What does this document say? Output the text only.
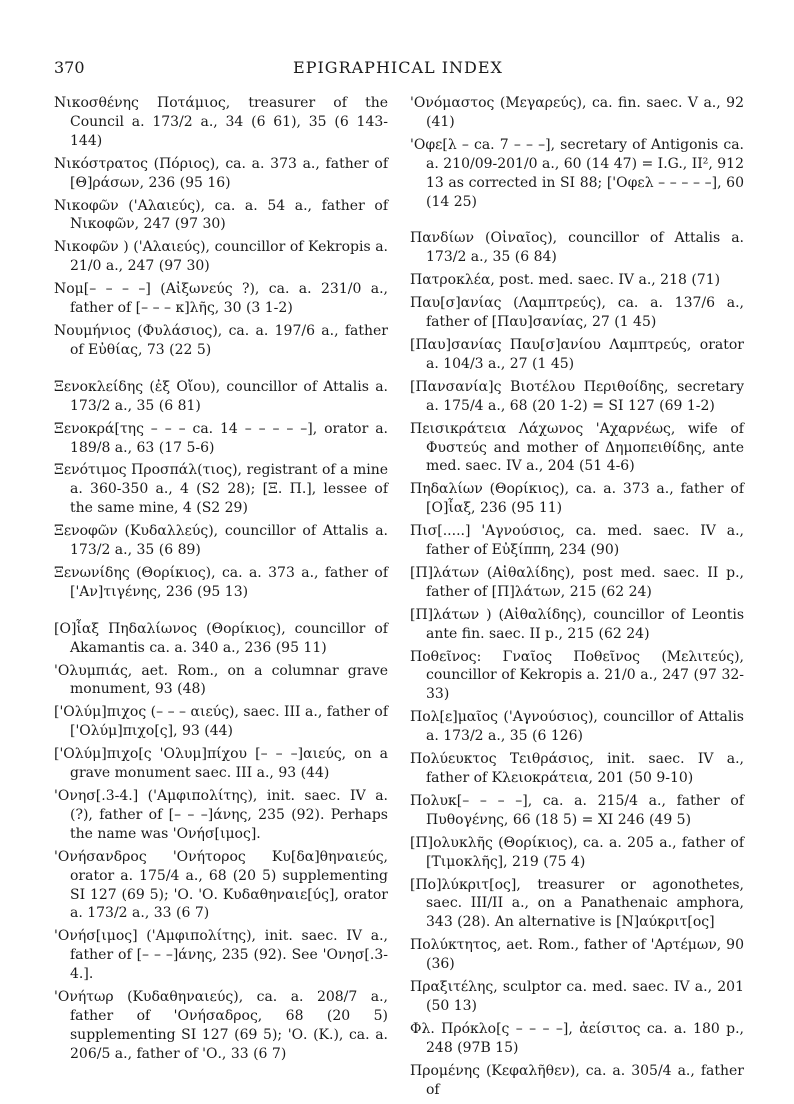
370	EPIGRAPHICAL INDEX

Νικοσθένης Ποτάμιος, treasurer of the Council a. 173/2 a., 34 (6 61), 35 (6 143-144)

Νικόστρατος (Πόριος), ca. a. 373 a., father of [Θ]ράσων, 236 (95 16)

Νικοφῶν ('Αλαιεύς), ca. a. 54 a., father of Νικοφῶν, 247 (97 30)

Νικοφῶν ) ('Αλαιεύς), councillor of Kekropis a. 21/0 a., 247 (97 30)

Νομ[– – – –] (Αἰξωνεύς ?), ca. a. 231/0 a., father of [– – – κ]λῆς, 30 (3 1-2)

Νουμήνιος (Φυλάσιος), ca. a. 197/6 a., father of Εὐθίας, 73 (22 5)

Ξενοκλείδης (ἐξ Οἴου), councillor of Attalis a. 173/2 a., 35 (6 81)

Ξενοκρά[της – – – ca. 14 – – – – –], orator a. 189/8 a., 63 (17 5-6)

Ξενότιμος Προσπάλ(τιος), registrant of a mine a. 360-350 a., 4 (S2 28); [Ξ. Π.], lessee of the same mine, 4 (S2 29)

Ξενοφῶν (Κυδαλλεύς), councillor of Attalis a. 173/2 a., 35 (6 89)

Ξενωνίδης (Θορίκιος), ca. a. 373 a., father of ['Αν]τιγένης, 236 (95 13)

[Ο]ἶαξ Πηδαλίωνος (Θορίκιος), councillor of Akamantis ca. a. 340 a., 236 (95 11)

'Ολυμπιάς, aet. Rom., on a columnar grave monument, 93 (48)

['Ολύμ]πιχος (– – – αιεύς), saec. III a., father of ['Ολύμ]πιχο[ς], 93 (44)

['Ολύμ]πιχο[ς 'Ολυμ]πίχου [– – –]αιεύς, on a grave monument saec. III a., 93 (44)

'Ονησ[.3-4.] ('Αμφιπολίτης), init. saec. IV a. (?), father of [– – –]άνης, 235 (92). Perhaps the name was 'Ονήσ[ιμος].

'Ονήσανδρος 'Ονήτορος Κυ[δα]θηναιεύς, orator a. 175/4 a., 68 (20 5) supplementing SI 127 (69 5); 'Ο. 'Ο. Κυδαθηναιε[ύς], orator a. 173/2 a., 33 (6 7)

'Ονήσ[ιμος] ('Αμφιπολίτης), init. saec. IV a., father of [– – –]άνης, 235 (92). See 'Ονησ[.3-4.].

'Ονήτωρ (Κυδαθηναιεύς), ca. a. 208/7 a., father of 'Ονήσαδρος, 68 (20 5) supplementing SI 127 (69 5); 'Ο. (Κ.), ca. a. 206/5 a., father of 'Ο., 33 (6 7)

'Ονόμαστος (Μεγαρεύς), ca. fin. saec. V a., 92 (41)

'Οφε[λ – ca. 7 – – –], secretary of Antigonis ca. a. 210/09-201/0 a., 60 (14 47) = I.G., II², 912 13 as corrected in SI 88; ['Οφελ – – – – –], 60 (14 25)

Πανδίων (Οἰναῖος), councillor of Attalis a. 173/2 a., 35 (6 84)

Πατροκλέα, post. med. saec. IV a., 218 (71)

Παυ[σ]ανίας (Λαμπτρεύς), ca. a. 137/6 a., father of [Παυ]σανίας, 27 (1 45)

[Παυ]σανίας Παυ[σ]ανίου Λαμπτρεύς, orator a. 104/3 a., 27 (1 45)

[Πανσανία]ς Βιοτέλου Περιθοίδης, secretary a. 175/4 a., 68 (20 1-2) = SI 127 (69 1-2)

Πεισικράτεια Λάχωνος 'Αχαρνέως, wife of Φυστεύς and mother of Δημοπειθίδης, ante med. saec. IV a., 204 (51 4-6)

Πηδαλίων (Θορίκιος), ca. a. 373 a., father of [Ο]ἶαξ, 236 (95 11)

Πισ[.....] 'Αγνούσιος, ca. med. saec. IV a., father of Εὐξίππη, 234 (90)

[Π]λάτων (Αἰθαλίδης), post med. saec. II p., father of [Π]λάτων, 215 (62 24)

[Π]λάτων ) (Αἰθαλίδης), councillor of Leontis ante fin. saec. II p., 215 (62 24)

Ποθεῖνος: Γναῖος Ποθεῖνος (Μελιτεύς), councillor of Kekropis a. 21/0 a., 247 (97 32-33)

Πολ[ε]μαῖος ('Αγνούσιος), councillor of Attalis a. 173/2 a., 35 (6 126)

Πολύευκτος Τειθράσιος, init. saec. IV a., father of Κλειοκράτεια, 201 (50 9-10)

Πολυκ[– – – –], ca. a. 215/4 a., father of Πυθογένης, 66 (18 5) = XI 246 (49 5)

[Π]ολυκλῆς (Θορίκιος), ca. a. 205 a., father of [Τιμοκλῆς], 219 (75 4)

[Πο]λύκριτ[ος], treasurer or agonothetes, saec. III/II a., on a Panathenaic amphora, 343 (28). An alternative is [Ν]αύκριτ[ος]

Πολύκτητος, aet. Rom., father of 'Αρτέμων, 90 (36)

Πραξιτέλης, sculptor ca. med. saec. IV a., 201 (50 13)

Φλ. Πρόκλο[ς – – – –], ἀείσιτος ca. a. 180 p., 248 (97B 15)

Προμένης (Κεφαλῆθεν), ca. a. 305/4 a., father of
